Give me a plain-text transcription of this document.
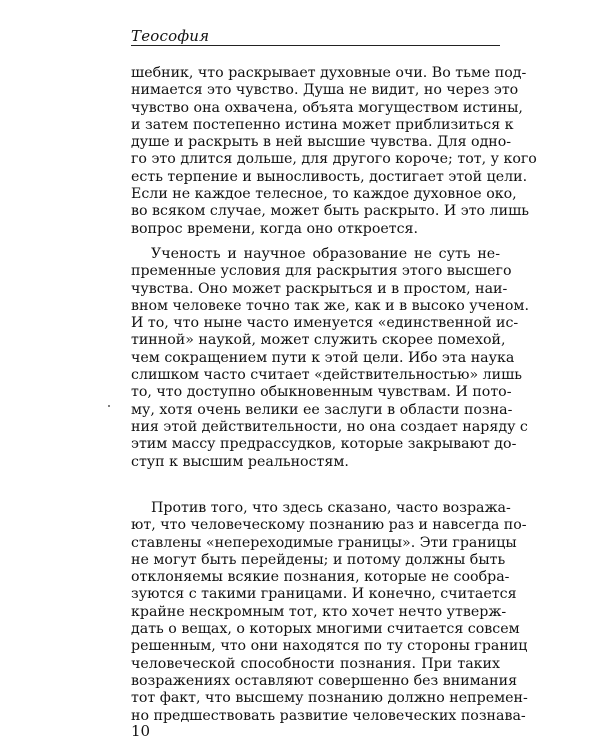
Теософия
шебник, что раскрывает духовные очи. Во тьме под-
нимается это чувство. Душа не видит, но через это
чувство она охвачена, объята могуществом истины,
и затем постепенно истина может приблизиться к
душе и раскрыть в ней высшие чувства. Для одно-
го это длится дольше, для другого короче; тот, у кого
есть терпение и выносливость, достигает этой цели.
Если не каждое телесное, то каждое духовное око,
во всяком случае, может быть раскрыто. И это лишь
вопрос времени, когда оно откроется.
Ученость и научное образование не суть не-
пременные условия для раскрытия этого высшего
чувства. Оно может раскрыться и в простом, наи-
вном человеке точно так же, как и в высоко ученом.
И то, что ныне часто именуется «единственной ис-
тинной» наукой, может служить скорее помехой,
чем сокращением пути к этой цели. Ибо эта наука
слишком часто считает «действительностью» лишь
то, что доступно обыкновенным чувствам. И пото-
му, хотя очень велики ее заслуги в области позна-
ния этой действительности, но она создает наряду с
этим массу предрассудков, которые закрывают до-
ступ к высшим реальностям.
Против того, что здесь сказано, часто возража-
ют, что человеческому познанию раз и навсегда по-
ставлены «непереходимые границы». Эти границы
не могут быть перейдены; и потому должны быть
отклоняемы всякие познания, которые не сообра-
зуются с такими границами. И конечно, считается
крайне нескромным тот, кто хочет нечто утверж-
дать о вещах, о которых многими считается совсем
решенным, что они находятся по ту стороны границ
человеческой способности познания. При таких
возражениях оставляют совершенно без внимания
тот факт, что высшему познанию должно непремен-
но предшествовать развитие человеческих познава-
10
